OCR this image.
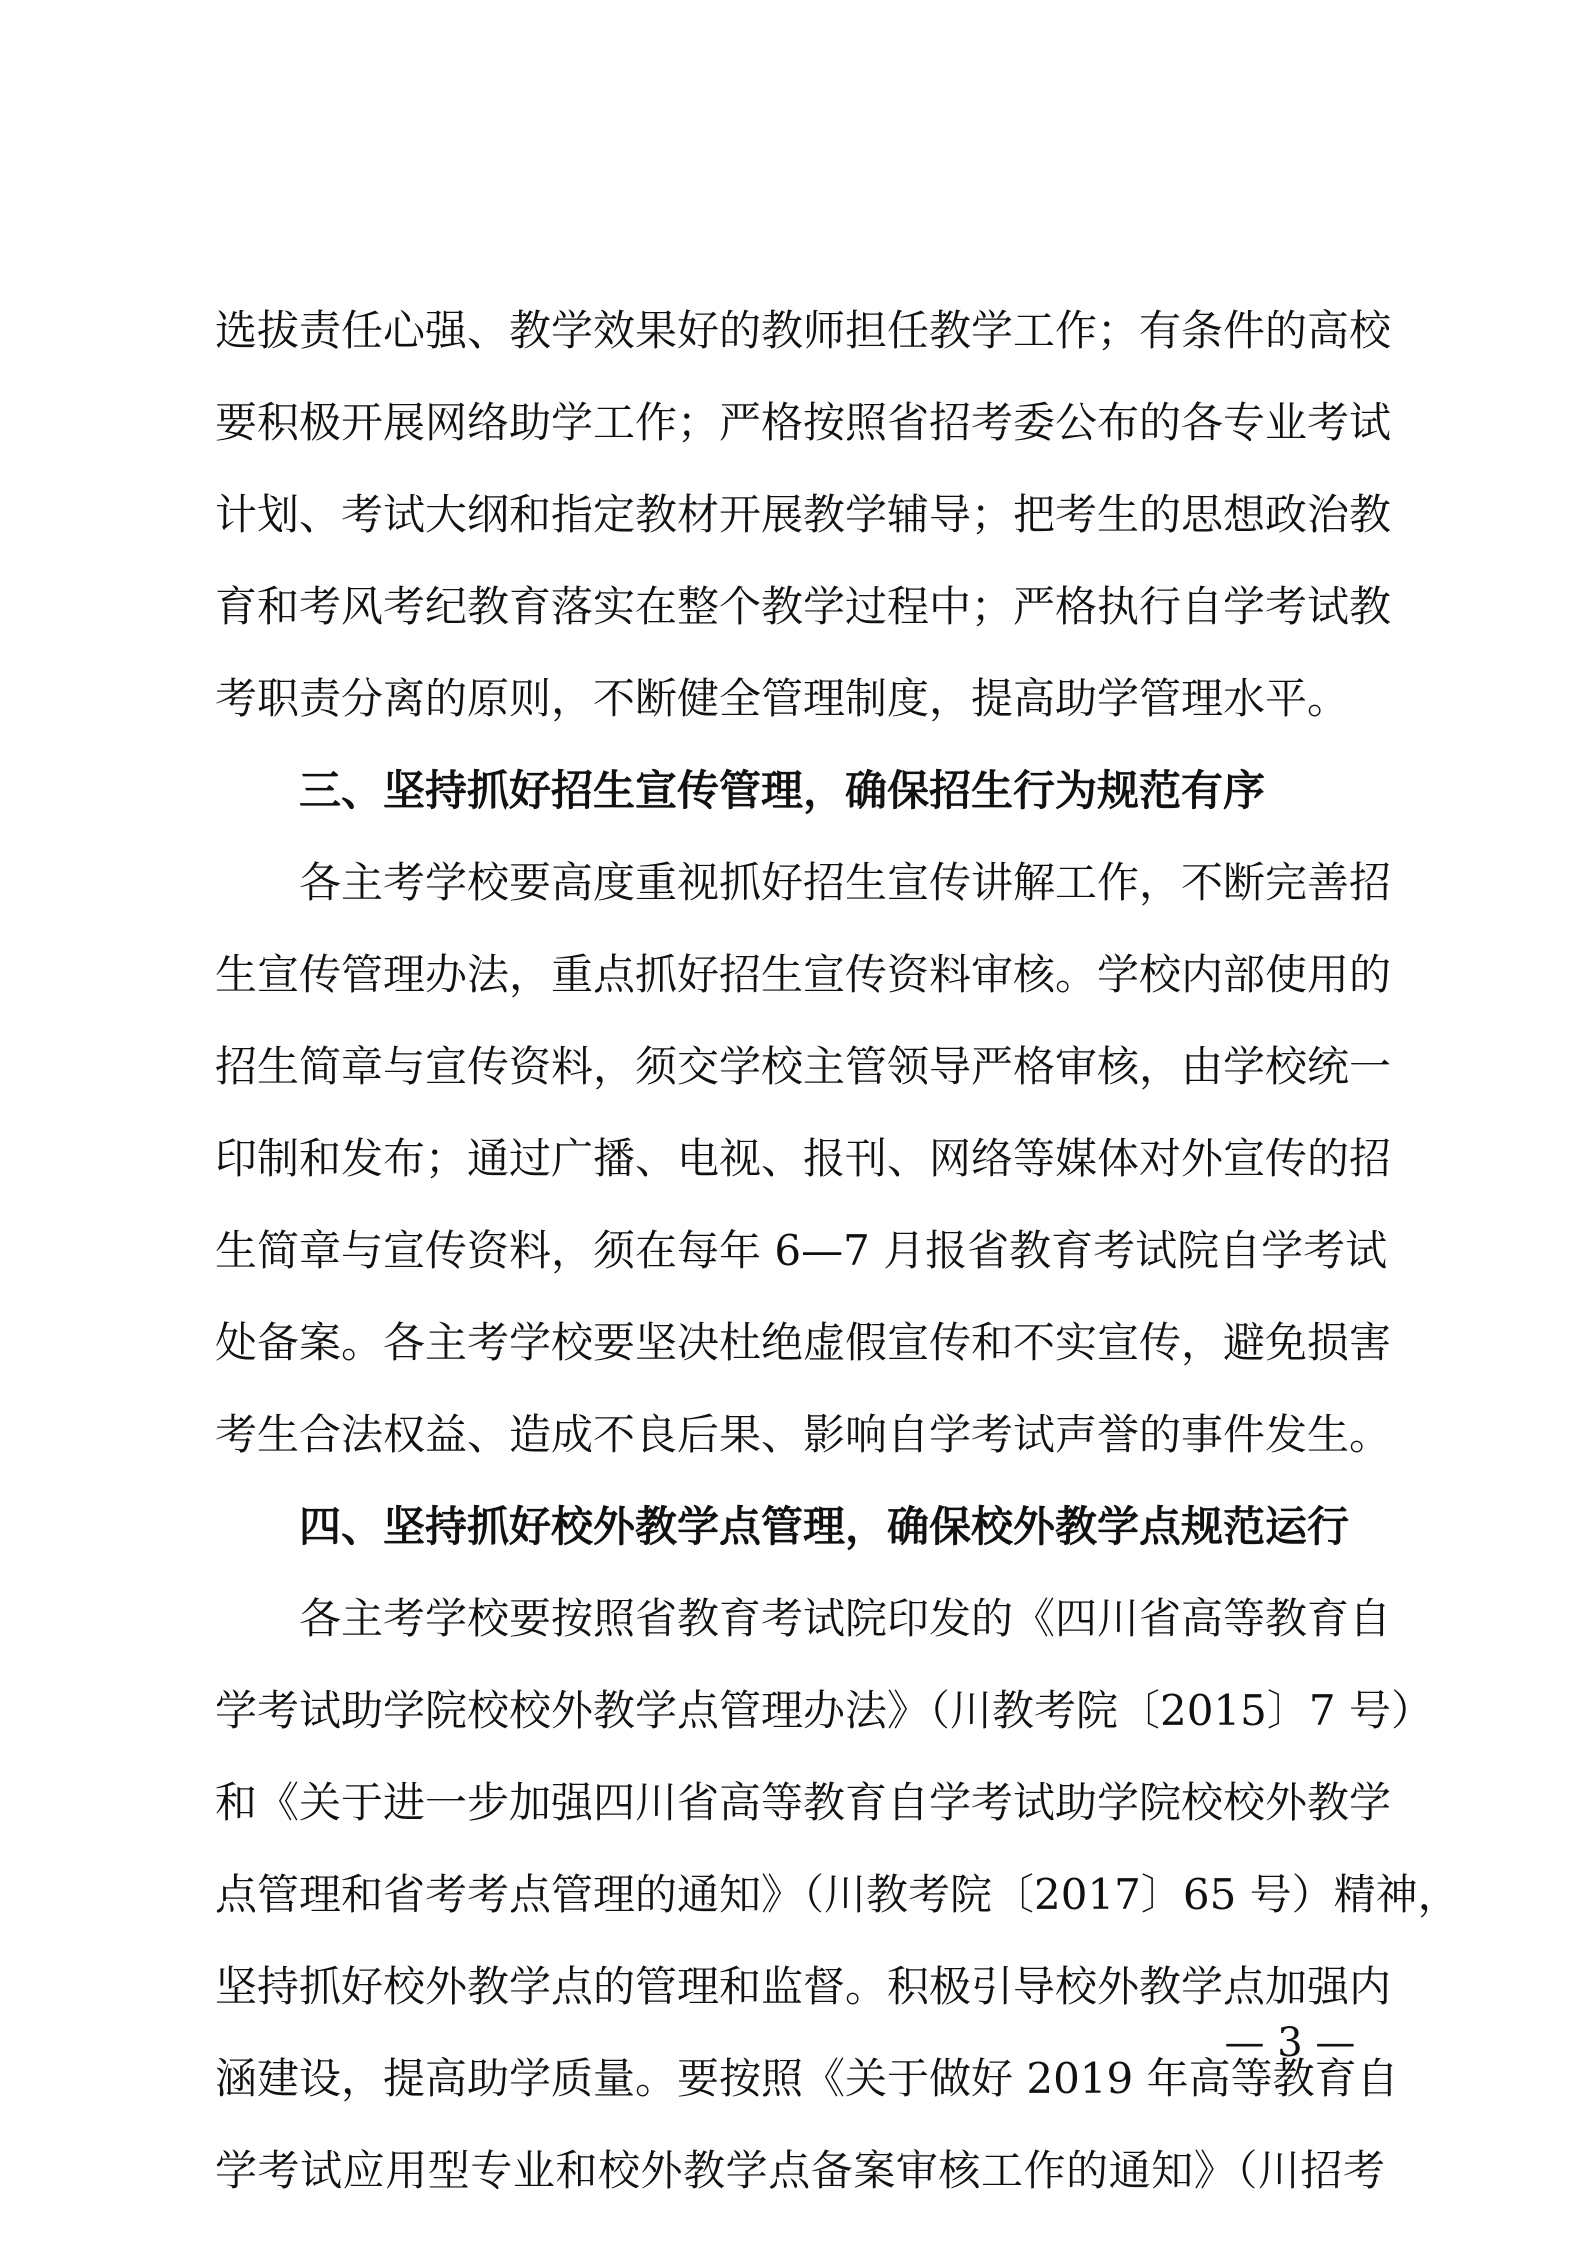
选拔责任心强、教学效果好的教师担任教学工作；有条件的高校
要积极开展网络助学工作；严格按照省招考委公布的各专业考试
计划、考试大纲和指定教材开展教学辅导；把考生的思想政治教
育和考风考纪教育落实在整个教学过程中；严格执行自学考试教
考职责分离的原则，不断健全管理制度，提高助学管理水平。
三、坚持抓好招生宣传管理，确保招生行为规范有序
各主考学校要高度重视抓好招生宣传讲解工作，不断完善招
生宣传管理办法，重点抓好招生宣传资料审核。学校内部使用的
招生简章与宣传资料，须交学校主管领导严格审核，由学校统一
印制和发布；通过广播、电视、报刊、网络等媒体对外宣传的招
生简章与宣传资料，须在每年 6—7 月报省教育考试院自学考试
处备案。各主考学校要坚决杜绝虚假宣传和不实宣传，避免损害
考生合法权益、造成不良后果、影响自学考试声誉的事件发生。
四、坚持抓好校外教学点管理，确保校外教学点规范运行
各主考学校要按照省教育考试院印发的《四川省高等教育自
学考试助学院校校外教学点管理办法》（川教考院〔2015〕7 号）
和《关于进一步加强四川省高等教育自学考试助学院校校外教学
点管理和省考考点管理的通知》（川教考院〔2017〕65 号）精神，
坚持抓好校外教学点的管理和监督。积极引导校外教学点加强内
涵建设，提高助学质量。要按照《关于做好 2019 年高等教育自
学考试应用型专业和校外教学点备案审核工作的通知》（川招考
— 3 —
